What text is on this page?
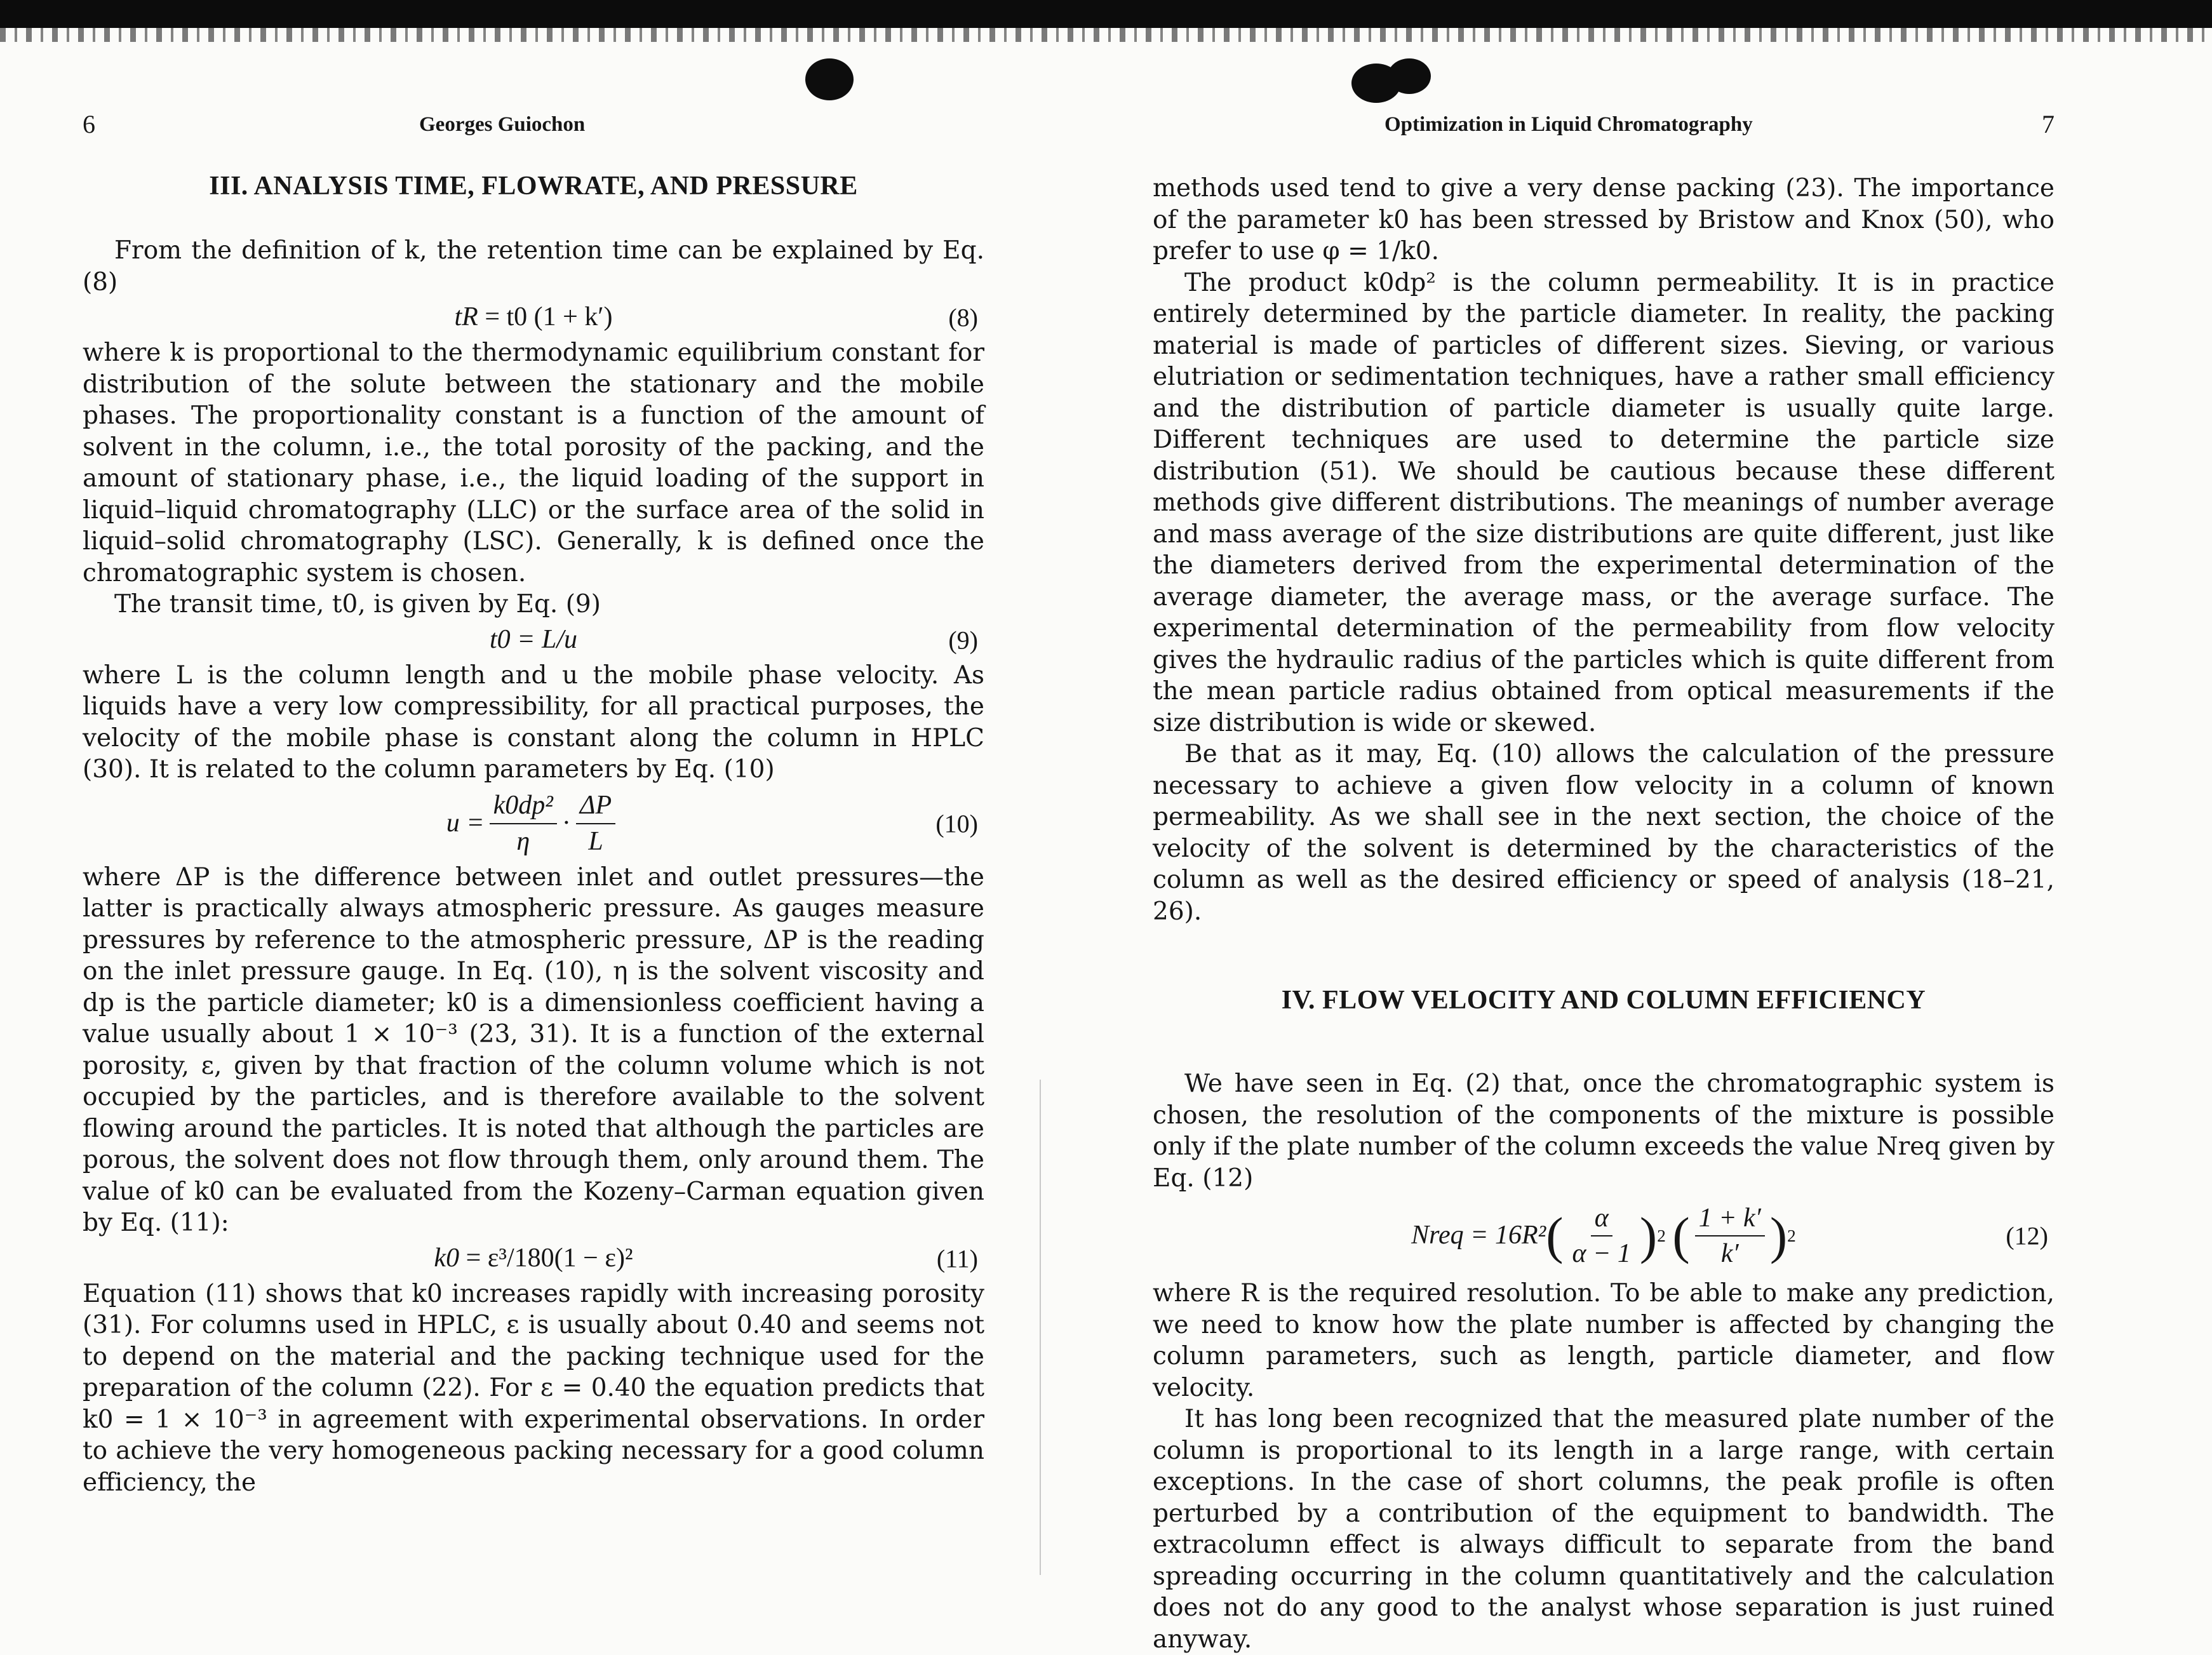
6	Georges Guiochon
III. ANALYSIS TIME, FLOWRATE, AND PRESSURE

From the definition of k, the retention time can be explained by Eq. (8)

tR
= t0 (1 + k′)	(8)

where k is proportional to the thermodynamic equilibrium constant for distribution of the solute between the stationary and the mobile phases. The proportionality constant is a function of the amount of solvent in the column, i.e., the total porosity of the packing, and the amount of stationary phase, i.e., the liquid loading of the support in liquid–liquid chromatography (LLC) or the surface area of the solid in liquid–solid chromatography (LSC). Generally, k is defined once the chromatographic system is chosen.

The transit time, t0, is given by Eq. (9)

t0
= L/u	(9)

where L is the column length and u the mobile phase velocity. As liquids have a very low compressibility, for all practical purposes, the velocity of the mobile phase is constant along the column in HPLC (30). It is related to the column parameters by Eq. (10)

$u = \frac{\text{k0dp²}}{\eta} \cdot \frac{\Delta P}{L}$	(10)

where ΔP is the difference between inlet and outlet pressures—the latter is practically always atmospheric pressure. As gauges measure pressures by reference to the atmospheric pressure, ΔP is the reading on the inlet pressure gauge. In Eq. (10), η is the solvent viscosity and dp is the particle diameter; k0 is a dimensionless coefficient having a value usually about 1 × 10⁻³ (23, 31). It is a function of the external porosity, ε, given by that fraction of the column volume which is not occupied by the particles, and is therefore available to the solvent flowing around the particles. It is noted that although the particles are porous, the solvent does not flow through them, only around them. The value of k0 can be evaluated from the Kozeny–Carman equation given by Eq. (11):

k0
= ε³/180(1 − ε)²	(11)

Equation (11) shows that k0 increases rapidly with increasing porosity (31). For columns used in HPLC, ε is usually about 0.40 and seems not to depend on the material and the packing technique used for the preparation of the column (22). For ε = 0.40 the equation predicts that k0 = 1 × 10⁻³ in agreement with experimental observations. In order to achieve the very homogeneous packing necessary for a good column efficiency, the

Optimization in Liquid Chromatography	7

methods used tend to give a very dense packing (23). The importance of the parameter k0 has been stressed by Bristow and Knox (50), who prefer to use φ = 1/k0.

The product k0dp² is the column permeability. It is in practice entirely determined by the particle diameter. In reality, the packing material is made of particles of different sizes. Sieving, or various elutriation or sedimentation techniques, have a rather small efficiency and the distribution of particle diameter is usually quite large. Different techniques are used to determine the particle size distribution (51). We should be cautious because these different methods give different distributions. The meanings of number average and mass average of the size distributions are quite different, just like the diameters derived from the experimental determination of the average diameter, the average mass, or the average surface. The experimental determination of the permeability from flow velocity gives the hydraulic radius of the particles which is quite different from the mean particle radius obtained from optical measurements if the size distribution is wide or skewed.

Be that as it may, Eq. (10) allows the calculation of the pressure necessary to achieve a given flow velocity in a column of known permeability. As we shall see in the next section, the choice of the velocity of the solvent is determined by the characteristics of the column as well as the desired efficiency or speed of analysis (18–21, 26).

IV. FLOW VELOCITY AND COLUMN EFFICIENCY

We have seen in Eq. (2) that, once the chromatographic system is chosen, the resolution of the components of the mixture is possible only if the plate number of the column exceeds the value Nreq given by Eq. (12)

Nreq = 16R² ( $\frac{\alpha}{\alpha - 1}$ ) 2
( $\frac{1 + k'}{k'}$ ) 2	(12)

where R is the required resolution. To be able to make any prediction, we need to know how the plate number is affected by changing the column parameters, such as length, particle diameter, and flow velocity.

It has long been recognized that the measured plate number of the column is proportional to its length in a large range, with certain exceptions. In the case of short columns, the peak profile is often perturbed by a contribution of the equipment to bandwidth. The extracolumn effect is always difficult to separate from the band spreading occurring in the column quantitatively and the calculation does not do any good to the analyst whose separation is just ruined anyway.
